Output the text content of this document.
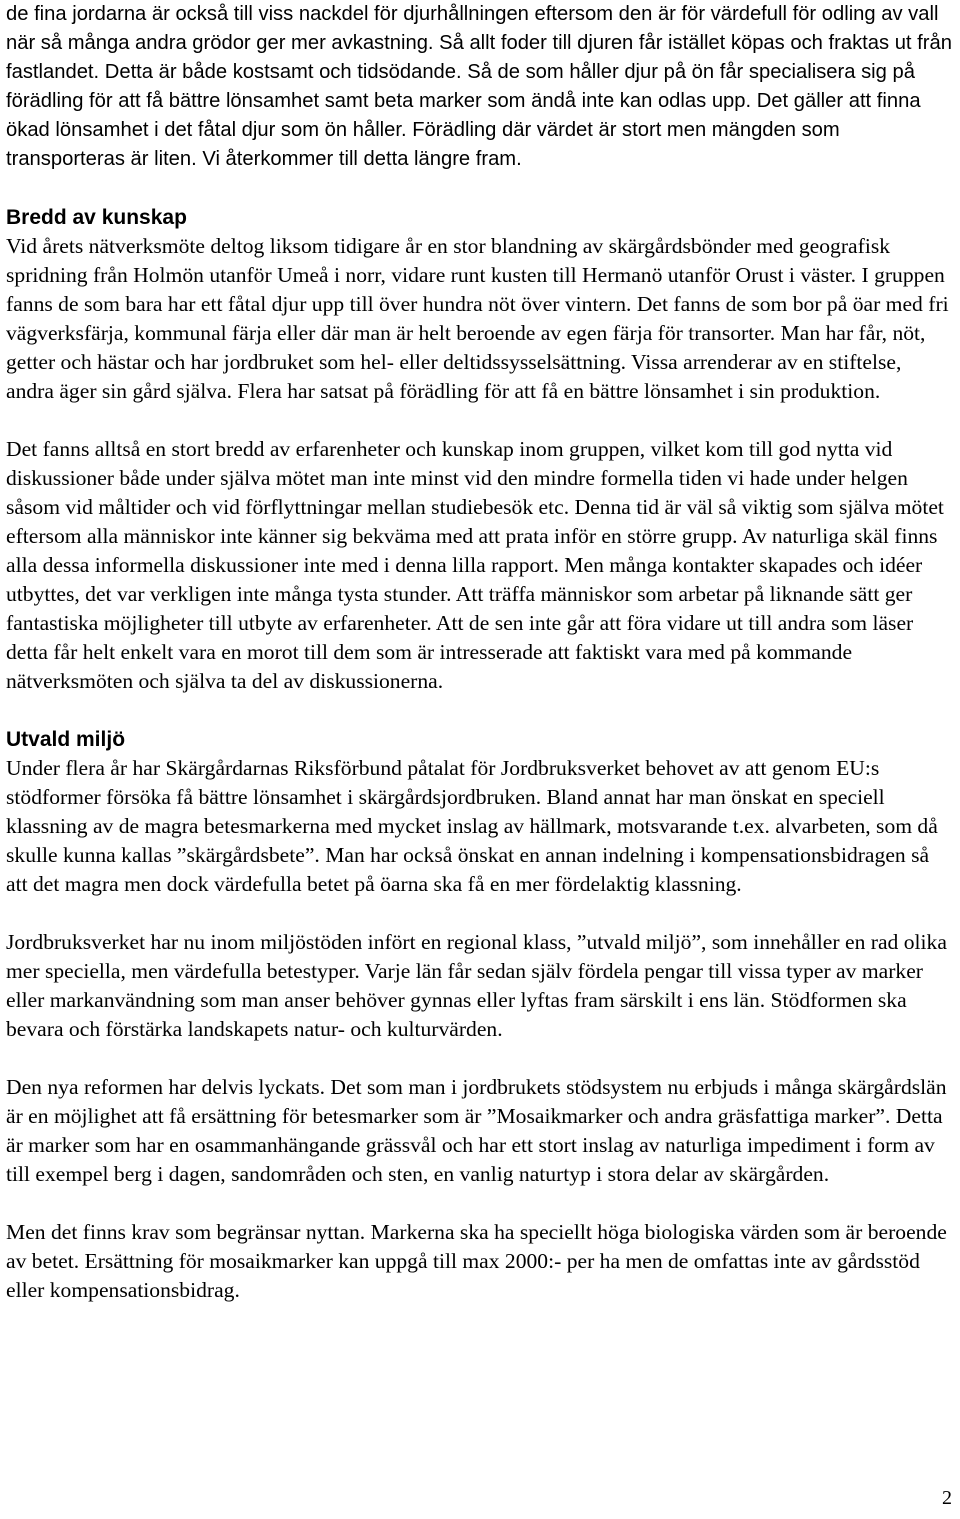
de fina jordarna är också till viss nackdel för djurhållningen eftersom den är för värdefull för odling av vall när så många andra grödor ger mer avkastning. Så allt foder till djuren får istället köpas och fraktas ut från fastlandet. Detta är både kostsamt och tidsödande. Så de som håller djur på ön får specialisera sig på förädling för att få bättre lönsamhet samt beta marker som ändå inte kan odlas upp. Det gäller att finna ökad lönsamhet i det fåtal djur som ön håller. Förädling där värdet är stort men mängden som transporteras är liten. Vi återkommer till detta längre fram.

Bredd av kunskap

Vid årets nätverksmöte deltog liksom tidigare år en stor blandning av skärgårdsbönder med geografisk spridning från Holmön utanför Umeå i norr, vidare runt kusten till Hermanö utanför Orust i väster. I gruppen fanns de som bara har ett fåtal djur upp till över hundra nöt över vintern. Det fanns de som bor på öar med fri vägverksfärja, kommunal färja eller där man är helt beroende av egen färja för transorter. Man har får, nöt, getter och hästar och har jordbruket som hel- eller deltidssysselsättning. Vissa arrenderar av en stiftelse, andra äger sin gård själva. Flera har satsat på förädling för att få en bättre lönsamhet i sin produktion.

Det fanns alltså en stort bredd av erfarenheter och kunskap inom gruppen, vilket kom till god nytta vid diskussioner både under själva mötet man inte minst vid den mindre formella tiden vi hade under helgen såsom vid måltider och vid förflyttningar mellan studiebesök etc. Denna tid är väl så viktig som själva mötet eftersom alla människor inte känner sig bekväma med att prata inför en större grupp. Av naturliga skäl finns alla dessa informella diskussioner inte med i denna lilla rapport. Men många kontakter skapades och idéer utbyttes, det var verkligen inte många tysta stunder. Att träffa människor som arbetar på liknande sätt ger fantastiska möjligheter till utbyte av erfarenheter. Att de sen inte går att föra vidare ut till andra som läser detta får helt enkelt vara en morot till dem som är intresserade att faktiskt vara med på kommande nätverksmöten och själva ta del av diskussionerna.

Utvald miljö

Under flera år har Skärgårdarnas Riksförbund påtalat för Jordbruksverket behovet av att genom EU:s stödformer försöka få bättre lönsamhet i skärgårdsjordbruken. Bland annat har man önskat en speciell klassning av de magra betesmarkerna med mycket inslag av hällmark, motsvarande t.ex. alvarbeten, som då skulle kunna kallas ”skärgårdsbete”. Man har också önskat en annan indelning i kompensationsbidragen så att det magra men dock värdefulla betet på öarna ska få en mer fördelaktig klassning.

Jordbruksverket har nu inom miljöstöden infört en regional klass, ”utvald miljö”, som innehåller en rad olika mer speciella, men värdefulla betestyper. Varje län får sedan själv fördela pengar till vissa typer av marker eller markanvändning som man anser behöver gynnas eller lyftas fram särskilt i ens län. Stödformen ska bevara och förstärka landskapets natur- och kulturvärden.

Den nya reformen har delvis lyckats. Det som man i jordbrukets stödsystem nu erbjuds i många skärgårdslän är en möjlighet att få ersättning för betesmarker som är ”Mosaikmarker och andra gräsfattiga marker”. Detta är marker som har en osammanhängande grässvål och har ett stort inslag av naturliga impediment i form av till exempel berg i dagen, sandområden och sten, en vanlig naturtyp i stora delar av skärgården.

Men det finns krav som begränsar nyttan. Markerna ska ha speciellt höga biologiska värden som är beroende av betet. Ersättning för mosaikmarker kan uppgå till max 2000:- per ha men de omfattas inte av gårdsstöd eller kompensationsbidrag.

2
